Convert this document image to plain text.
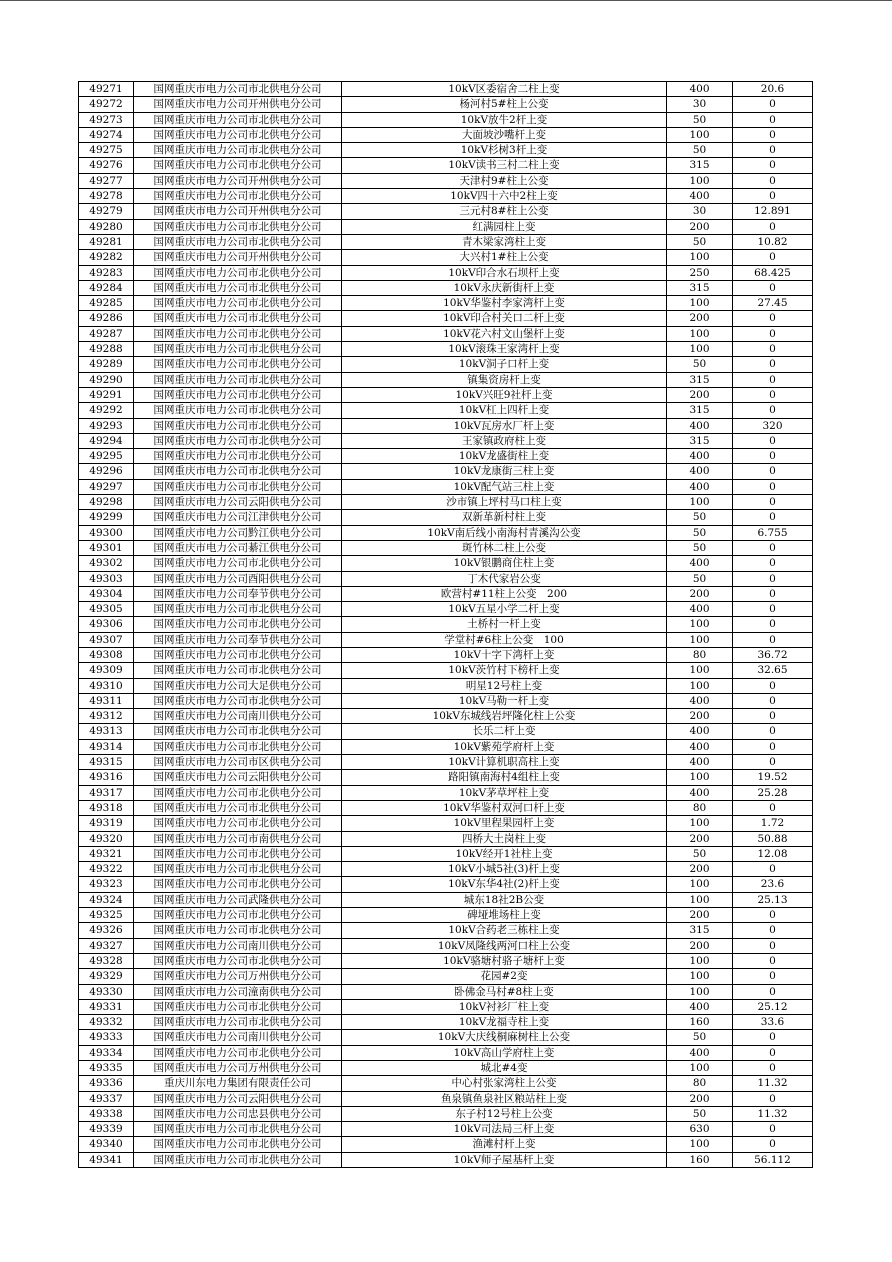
49271	国网重庆市电力公司市北供电分公司	10kV区委宿舍二柱上变	400	20.6
49272	国网重庆市电力公司开州供电分公司	杨河村5#柱上公变	30	0
49273	国网重庆市电力公司市北供电分公司	10kV放牛2杆上变	50	0
49274	国网重庆市电力公司市北供电分公司	大面坡沙嘴杆上变	100	0
49275	国网重庆市电力公司市北供电分公司	10kV杉树3杆上变	50	0
49276	国网重庆市电力公司市北供电分公司	10kV读书三村二柱上变	315	0
49277	国网重庆市电力公司开州供电分公司	天津村9#柱上公变	100	0
49278	国网重庆市电力公司市北供电分公司	10kV四十六中2柱上变	400	0
49279	国网重庆市电力公司开州供电分公司	三元村8#柱上公变	30	12.891
49280	国网重庆市电力公司市北供电分公司	红满园柱上变	200	0
49281	国网重庆市电力公司市北供电分公司	青木梁家湾柱上变	50	10.82
49282	国网重庆市电力公司开州供电分公司	大兴村1#柱上公变	100	0
49283	国网重庆市电力公司市北供电分公司	10kV印合水石坝杆上变	250	68.425
49284	国网重庆市电力公司市北供电分公司	10kV永庆新街杆上变	315	0
49285	国网重庆市电力公司市北供电分公司	10kV华鉴村李家湾杆上变	100	27.45
49286	国网重庆市电力公司市北供电分公司	10kV印合村关口二杆上变	200	0
49287	国网重庆市电力公司市北供电分公司	10kV花六村文山堡杆上变	100	0
49288	国网重庆市电力公司市北供电分公司	10kV滚珠王家湾杆上变	100	0
49289	国网重庆市电力公司市北供电分公司	10kV洞子口杆上变	50	0
49290	国网重庆市电力公司市北供电分公司	镇集资房杆上变	315	0
49291	国网重庆市电力公司市北供电分公司	10kV兴旺9社杆上变	200	0
49292	国网重庆市电力公司市北供电分公司	10kV杠上四杆上变	315	0
49293	国网重庆市电力公司市北供电分公司	10kV瓦房水厂杆上变	400	320
49294	国网重庆市电力公司市北供电分公司	王家镇政府柱上变	315	0
49295	国网重庆市电力公司市北供电分公司	10kV龙盛街柱上变	400	0
49296	国网重庆市电力公司市北供电分公司	10kV龙康街三柱上变	400	0
49297	国网重庆市电力公司市北供电分公司	10kV配气站三柱上变	400	0
49298	国网重庆市电力公司云阳供电分公司	沙市镇上坪村马口柱上变	100	0
49299	国网重庆市电力公司江津供电分公司	双新革新村柱上变	50	0
49300	国网重庆市电力公司黔江供电分公司	10kV南后线小南海村青溪沟公变	50	6.755
49301	国网重庆市电力公司綦江供电分公司	斑竹林二柱上公变	50	0
49302	国网重庆市电力公司市北供电分公司	10kV银鹏商住柱上变	400	0
49303	国网重庆市电力公司酉阳供电分公司	丁木代家岩公变	50	0
49304	国网重庆市电力公司奉节供电分公司	欧营村#11柱上公变　200	200	0
49305	国网重庆市电力公司市北供电分公司	10kV五星小学二杆上变	400	0
49306	国网重庆市电力公司市北供电分公司	土桥村一杆上变	100	0
49307	国网重庆市电力公司奉节供电分公司	学堂村#6柱上公变　100	100	0
49308	国网重庆市电力公司市北供电分公司	10kV十字下湾杆上变	80	36.72
49309	国网重庆市电力公司市北供电分公司	10kV茨竹村下榜杆上变	100	32.65
49310	国网重庆市电力公司大足供电分公司	明星12号柱上变	100	0
49311	国网重庆市电力公司市北供电分公司	10kV马勒一杆上变	400	0
49312	国网重庆市电力公司南川供电分公司	10kV东城线岩坪隆化柱上公变	200	0
49313	国网重庆市电力公司市北供电分公司	长乐二杆上变	400	0
49314	国网重庆市电力公司市北供电分公司	10kV紫苑学府杆上变	400	0
49315	国网重庆市电力公司市区供电分公司	10kV计算机职高柱上变	400	0
49316	国网重庆市电力公司云阳供电分公司	路阳镇南海村4组柱上变	100	19.52
49317	国网重庆市电力公司市北供电分公司	10kV茅草坪柱上变	400	25.28
49318	国网重庆市电力公司市北供电分公司	10kV华鉴村双河口杆上变	80	0
49319	国网重庆市电力公司市北供电分公司	10kV里程果园杆上变	100	1.72
49320	国网重庆市电力公司市南供电分公司	四桥大土岗柱上变	200	50.88
49321	国网重庆市电力公司市北供电分公司	10kV经开1社柱上变	50	12.08
49322	国网重庆市电力公司市北供电分公司	10kV小城5社(3)杆上变	200	0
49323	国网重庆市电力公司市北供电分公司	10kV东华4社(2)杆上变	100	23.6
49324	国网重庆市电力公司武隆供电分公司	城东18社2B公变	100	25.13
49325	国网重庆市电力公司市北供电分公司	碑垭堆场柱上变	200	0
49326	国网重庆市电力公司市北供电分公司	10kV合药老三栋柱上变	315	0
49327	国网重庆市电力公司南川供电分公司	10kV凤隆线两河口柱上公变	200	0
49328	国网重庆市电力公司市北供电分公司	10kV骆塘村骆子塘杆上变	100	0
49329	国网重庆市电力公司万州供电分公司	花园#2变	100	0
49330	国网重庆市电力公司潼南供电分公司	卧佛金马村#8柱上变	100	0
49331	国网重庆市电力公司市北供电分公司	10kV衬衫厂柱上变	400	25.12
49332	国网重庆市电力公司市北供电分公司	10kV龙福寺柱上变	160	33.6
49333	国网重庆市电力公司南川供电分公司	10kV大庆线桐麻树柱上公变	50	0
49334	国网重庆市电力公司市北供电分公司	10kV高山学府柱上变	400	0
49335	国网重庆市电力公司万州供电分公司	城北#4变	100	0
49336	重庆川东电力集团有限责任公司	中心村张家湾柱上公变	80	11.32
49337	国网重庆市电力公司云阳供电分公司	鱼泉镇鱼泉社区粮站柱上变	200	0
49338	国网重庆市电力公司忠县供电分公司	东子村12号柱上公变	50	11.32
49339	国网重庆市电力公司市北供电分公司	10kV司法局三杆上变	630	0
49340	国网重庆市电力公司市北供电分公司	渔滩村杆上变	100	0
49341	国网重庆市电力公司市北供电分公司	10kV师子屋基杆上变	160	56.112
